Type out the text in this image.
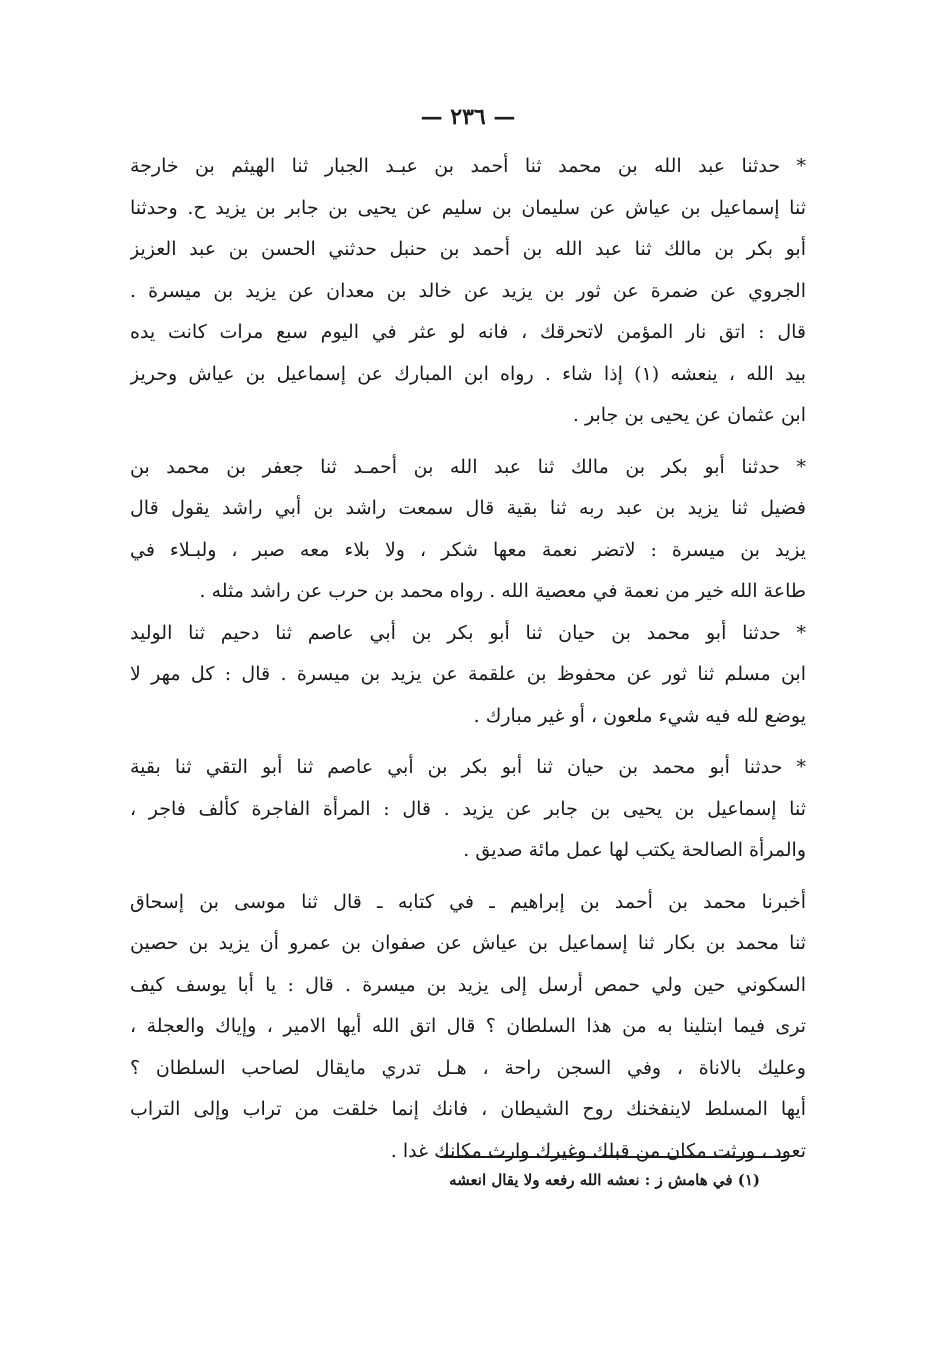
— ٢٣٦ —
* حدثنا عبد الله بن محمد ثنا أحمد بن عبـد الجبار ثنا الهيثم بن خارجة
ثنا إسماعيل بن عياش عن سليمان بن سليم عن يحيى بن جابر بن يزيد ح. وحدثنا
أبو بكر بن مالك ثنا عبد الله بن أحمد بن حنبل حدثني الحسن بن عبد العزيز
الجروي عن ضمرة عن ثور بن يزيد عن خالد بن معدان عن يزيد بن ميسرة .
قال : اتق نار المؤمن لاتحرقك ، فانه لو عثر في اليوم سبع مرات كانت يده
بيد الله ، ينعشه (١) إذا شاء . رواه ابن المبارك عن إسماعيل بن عياش وحريز
ابن عثمان عن يحيى بن جابر .
* حدثنا أبو بكر بن مالك ثنا عبد الله بن أحمـد ثنا جعفر بن محمد بن
فضيل ثنا يزيد بن عبد ربه ثنا بقية قال سمعت راشد بن أبي راشد يقول قال
يزيد بن ميسرة : لاتضر نعمة معها شكر ، ولا بلاء معه صبر ، ولبـلاء في
طاعة الله خير من نعمة في معصية الله . رواه محمد بن حرب عن راشد مثله .
* حدثنا أبو محمد بن حيان ثنا أبو بكر بن أبي عاصم ثنا دحيم ثنا الوليد
ابن مسلم ثنا ثور عن محفوظ بن علقمة عن يزيد بن ميسرة . قال : كل مهر لا
يوضع لله فيه شيء ملعون ، أو غير مبارك .
* حدثنا أبو محمد بن حيان ثنا أبو بكر بن أبي عاصم ثنا أبو التقي ثنا بقية
ثنا إسماعيل بن يحيى بن جابر عن يزيد . قال : المرأة الفاجرة كألف فاجر ،
والمرأة الصالحة يكتب لها عمل مائة صديق .
أخبرنا محمد بن أحمد بن إبراهيم ـ في كتابه ـ قال ثنا موسى بن إسحاق
ثنا محمد بن بكار ثنا إسماعيل بن عياش عن صفوان بن عمرو أن يزيد بن حصين
السكوني حين ولي حمص أرسل إلى يزيد بن ميسرة . قال : يا أبا يوسف كيف
ترى فيما ابتلينا به من هذا السلطان ؟ قال اتق الله أيها الامير ، وإياك والعجلة ،
وعليك بالاناة ، وفي السجن راحة ، هـل تدري مايقال لصاحب السلطان ؟
أيها المسلط لاينفخنك روح الشيطان ، فانك إنما خلقت من تراب وإلى التراب
تعود ، ورثت مكان من قبلك وغيرك وارث مكانك غدا .
(١) في هامش ز : نعشه الله رفعه ولا يقال انعشه
